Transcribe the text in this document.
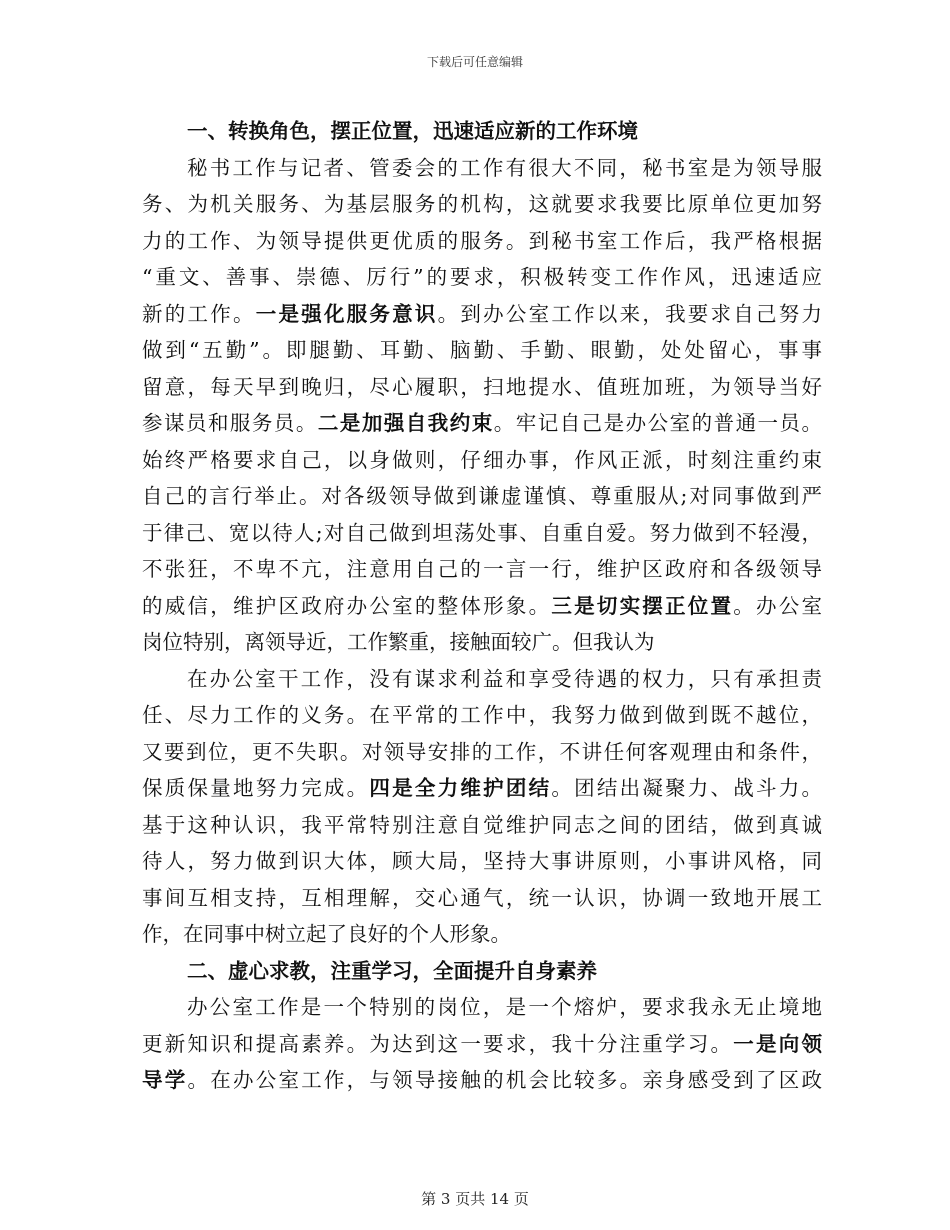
下载后可任意编辑
一、转换角色，摆正位置，迅速适应新的工作环境
秘书工作与记者、管委会的工作有很大不同，秘书室是为领导服
务、为机关服务、为基层服务的机构，这就要求我要比原单位更加努
力的工作、为领导提供更优质的服务。到秘书室工作后，我严格根据
“重文、善事、崇德、厉行”的要求，积极转变工作作风，迅速适应
新的工作。一是强化服务意识。到办公室工作以来，我要求自己努力
做到“五勤”。即腿勤、耳勤、脑勤、手勤、眼勤，处处留心，事事
留意，每天早到晚归，尽心履职，扫地提水、值班加班，为领导当好
参谋员和服务员。二是加强自我约束。牢记自己是办公室的普通一员。
始终严格要求自己，以身做则，仔细办事，作风正派，时刻注重约束
自己的言行举止。对各级领导做到谦虚谨慎、尊重服从;对同事做到严
于律己、宽以待人;对自己做到坦荡处事、自重自爱。努力做到不轻漫，
不张狂，不卑不亢，注意用自己的一言一行，维护区政府和各级领导
的威信，维护区政府办公室的整体形象。三是切实摆正位置。办公室
岗位特别，离领导近，工作繁重，接触面较广。但我认为
在办公室干工作，没有谋求利益和享受待遇的权力，只有承担责
任、尽力工作的义务。在平常的工作中，我努力做到做到既不越位，
又要到位，更不失职。对领导安排的工作，不讲任何客观理由和条件，
保质保量地努力完成。四是全力维护团结。团结出凝聚力、战斗力。
基于这种认识，我平常特别注意自觉维护同志之间的团结，做到真诚
待人，努力做到识大体，顾大局，坚持大事讲原则，小事讲风格，同
事间互相支持，互相理解，交心通气，统一认识，协调一致地开展工
作，在同事中树立起了良好的个人形象。
二、虚心求教，注重学习，全面提升自身素养
办公室工作是一个特别的岗位，是一个熔炉，要求我永无止境地
更新知识和提高素养。为达到这一要求，我十分注重学习。一是向领
导学。在办公室工作，与领导接触的机会比较多。亲身感受到了区政
第 3 页共 14 页
